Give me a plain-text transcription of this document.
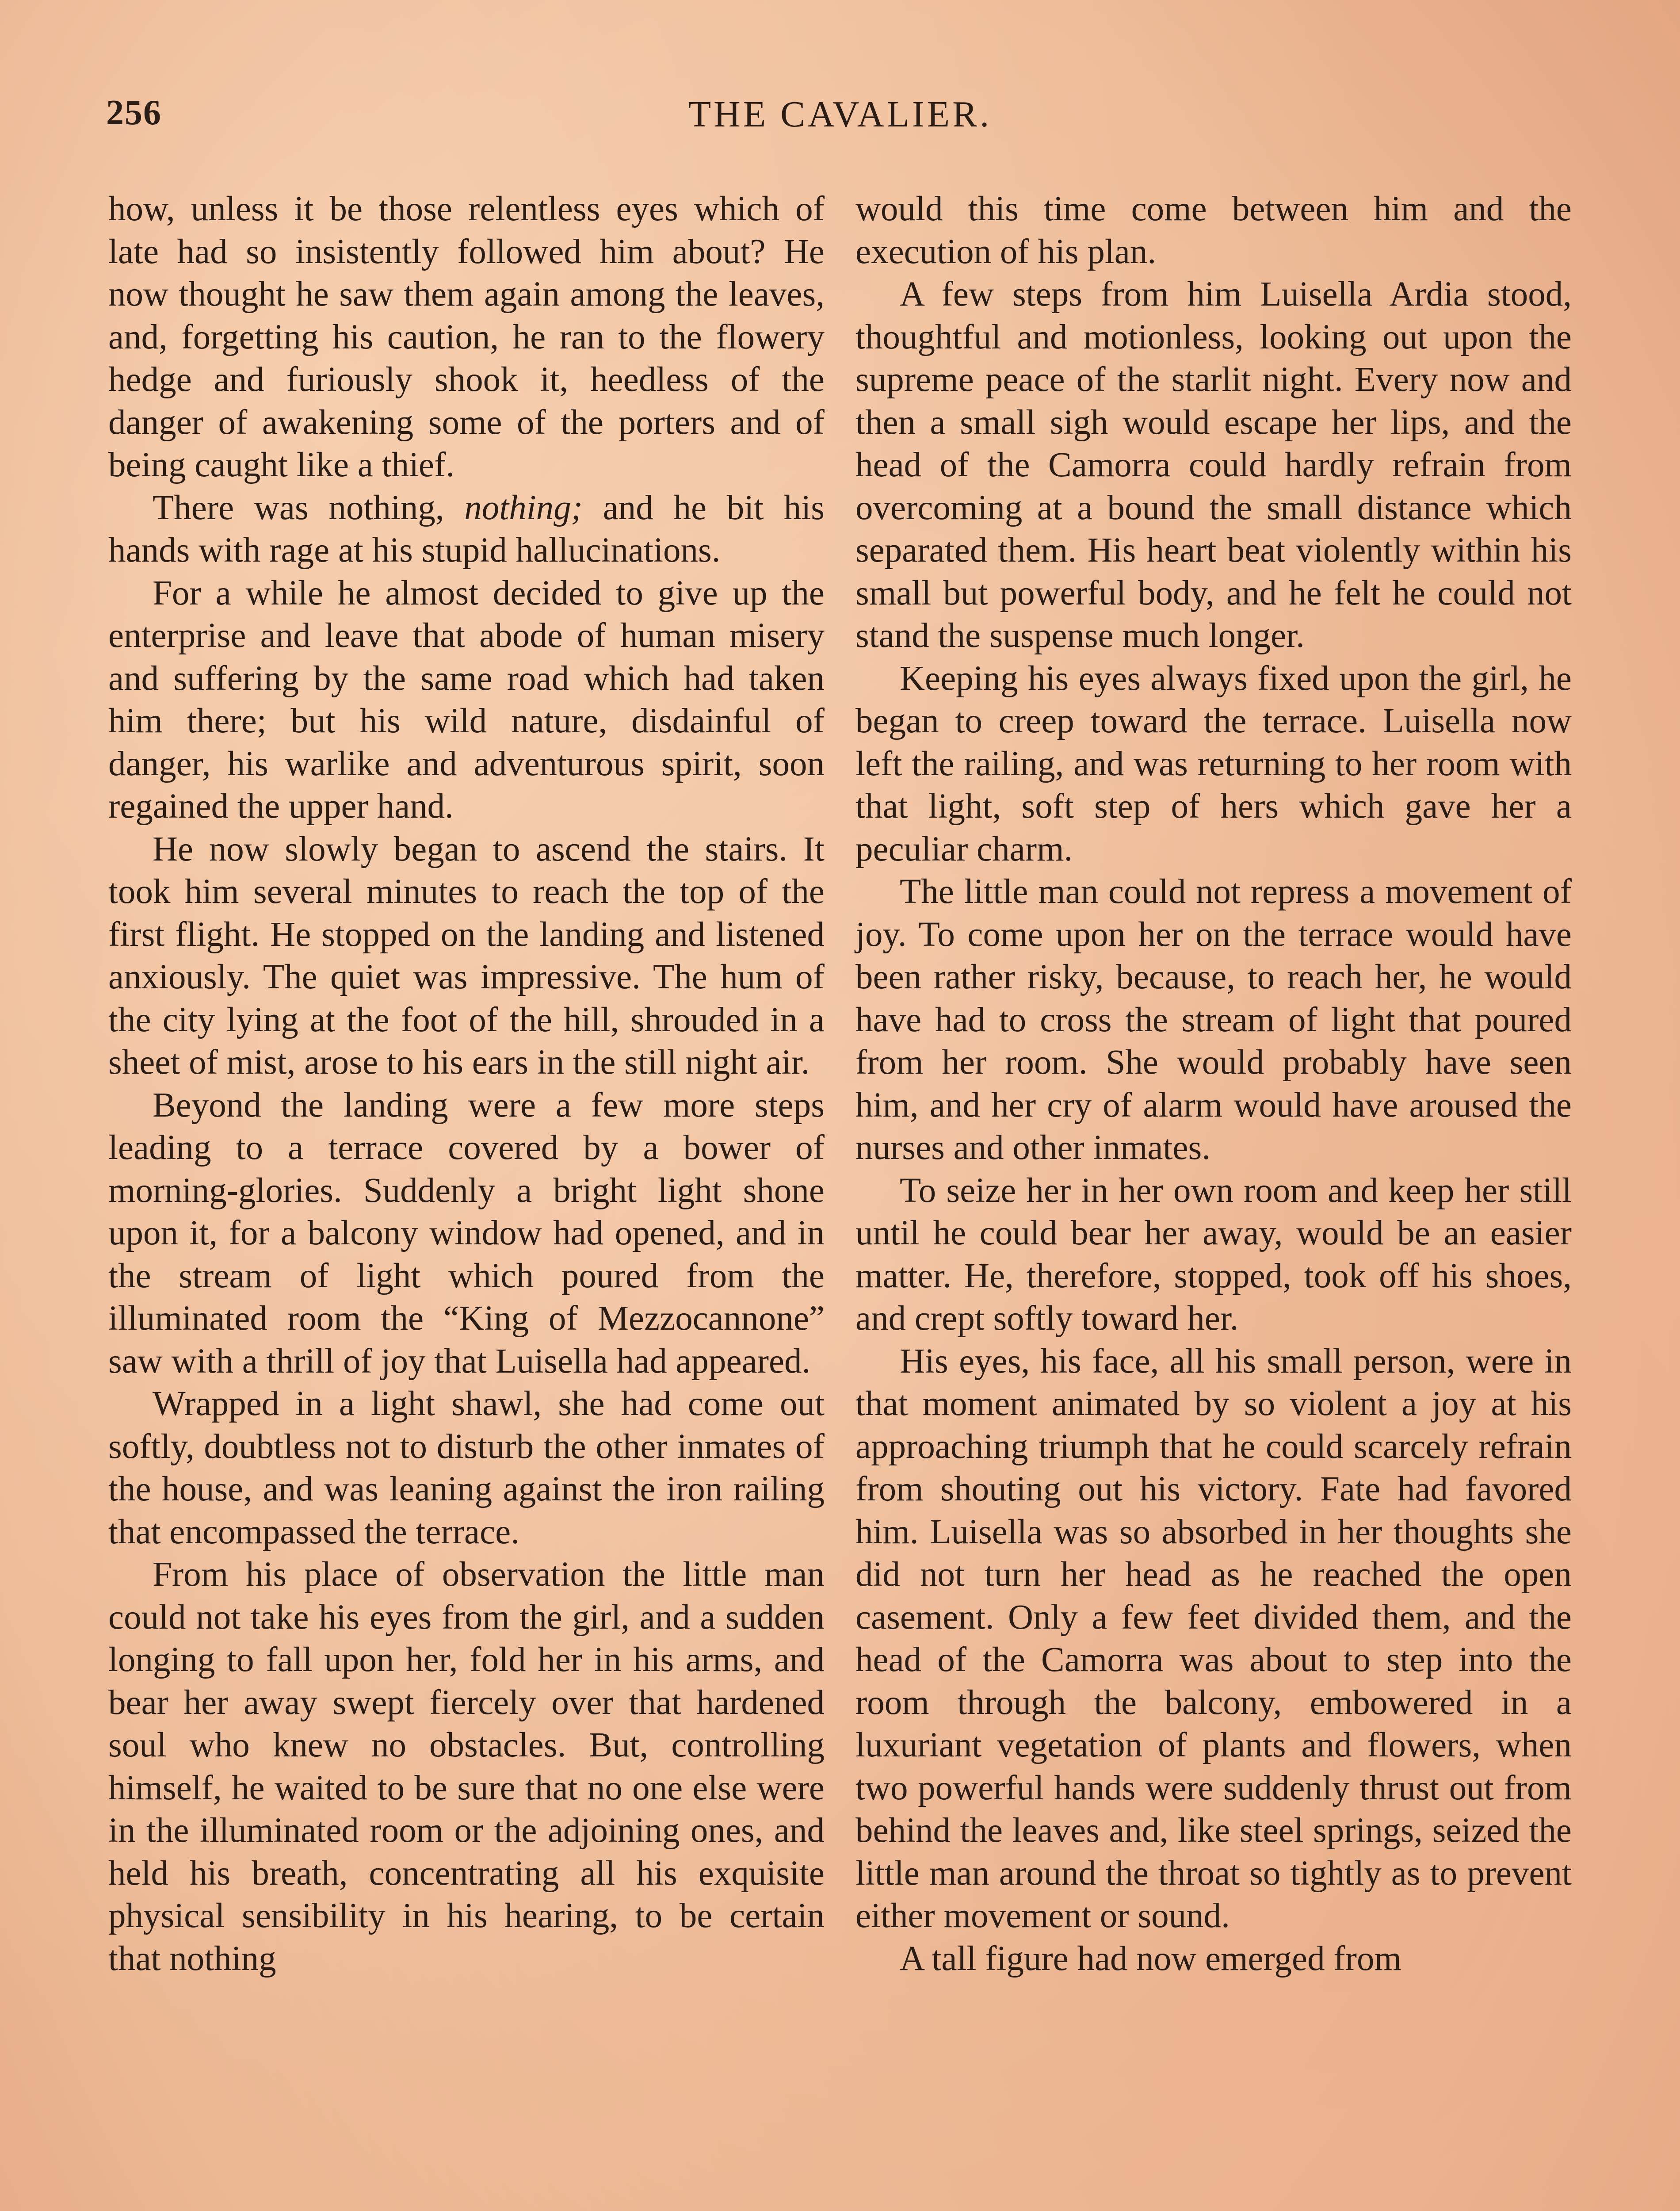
256	THE CAVALIER.

how, unless it be those relentless eyes which of late had so insistently followed him about? He now thought he saw them again among the leaves, and, forgetting his caution, he ran to the flowery hedge and furiously shook it, heedless of the danger of awakening some of the porters and of being caught like a thief.

There was nothing, nothing; and he bit his hands with rage at his stupid hallucinations.

For a while he almost decided to give up the enterprise and leave that abode of human misery and suffering by the same road which had taken him there; but his wild nature, disdainful of danger, his warlike and adventurous spirit, soon regained the upper hand.

He now slowly began to ascend the stairs. It took him several minutes to reach the top of the first flight. He stopped on the landing and listened anxiously. The quiet was impressive. The hum of the city lying at the foot of the hill, shrouded in a sheet of mist, arose to his ears in the still night air.

Beyond the landing were a few more steps leading to a terrace covered by a bower of morning-glories. Suddenly a bright light shone upon it, for a balcony window had opened, and in the stream of light which poured from the illuminated room the “King of Mezzocannone” saw with a thrill of joy that Luisella had appeared.

Wrapped in a light shawl, she had come out softly, doubtless not to disturb the other inmates of the house, and was leaning against the iron railing that encompassed the terrace.

From his place of observation the little man could not take his eyes from the girl, and a sudden longing to fall upon her, fold her in his arms, and bear her away swept fiercely over that hardened soul who knew no obstacles. But, controlling himself, he waited to be sure that no one else were in the illuminated room or the adjoining ones, and held his breath, concentrating all his exquisite physical sensibility in his hearing, to be certain that nothing

would this time come between him and the execution of his plan.

A few steps from him Luisella Ardia stood, thoughtful and motionless, looking out upon the supreme peace of the starlit night. Every now and then a small sigh would escape her lips, and the head of the Camorra could hardly refrain from overcoming at a bound the small distance which separated them. His heart beat violently within his small but powerful body, and he felt he could not stand the suspense much longer.

Keeping his eyes always fixed upon the girl, he began to creep toward the terrace. Luisella now left the railing, and was returning to her room with that light, soft step of hers which gave her a peculiar charm.

The little man could not repress a movement of joy. To come upon her on the terrace would have been rather risky, because, to reach her, he would have had to cross the stream of light that poured from her room. She would probably have seen him, and her cry of alarm would have aroused the nurses and other inmates.

To seize her in her own room and keep her still until he could bear her away, would be an easier matter. He, therefore, stopped, took off his shoes, and crept softly toward her.

His eyes, his face, all his small person, were in that moment animated by so violent a joy at his approaching triumph that he could scarcely refrain from shouting out his victory. Fate had favored him. Luisella was so absorbed in her thoughts she did not turn her head as he reached the open casement. Only a few feet divided them, and the head of the Camorra was about to step into the room through the balcony, embowered in a luxuriant vegetation of plants and flowers, when two powerful hands were suddenly thrust out from behind the leaves and, like steel springs, seized the little man around the throat so tightly as to prevent either movement or sound.

A tall figure had now emerged from
